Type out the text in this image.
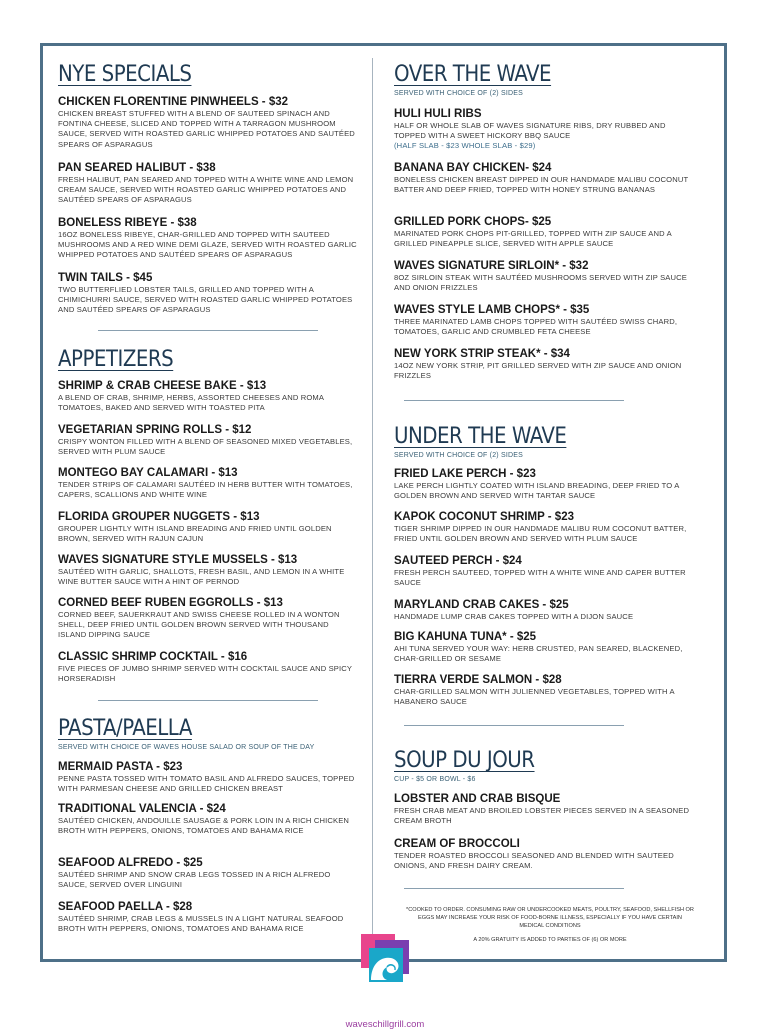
NYE SPECIALS
CHICKEN FLORENTINE PINWHEELS - $32
CHICKEN BREAST STUFFED WITH A BLEND OF SAUTEED SPINACH AND FONTINA CHEESE, SLICED AND TOPPED WITH A TARRAGON MUSHROOM SAUCE, SERVED WITH ROASTED GARLIC WHIPPED POTATOES AND SAUTÉED SPEARS OF ASPARAGUS
PAN SEARED HALIBUT - $38
FRESH HALIBUT, PAN SEARED AND TOPPED WITH A WHITE WINE AND LEMON CREAM SAUCE, SERVED WITH ROASTED GARLIC WHIPPED POTATOES AND SAUTÉED SPEARS OF ASPARAGUS
BONELESS RIBEYE - $38
16OZ BONELESS RIBEYE, CHAR-GRILLED AND TOPPED WITH SAUTEED MUSHROOMS AND A RED WINE DEMI GLAZE, SERVED WITH ROASTED GARLIC WHIPPED POTATOES AND SAUTÉED SPEARS OF ASPARAGUS
TWIN TAILS - $45
TWO BUTTERFLIED LOBSTER TAILS, GRILLED AND TOPPED WITH A CHIMICHURRI SAUCE, SERVED WITH ROASTED GARLIC WHIPPED POTATOES AND SAUTÉED SPEARS OF ASPARAGUS
APPETIZERS
SHRIMP & CRAB CHEESE BAKE - $13
A BLEND OF CRAB, SHRIMP, HERBS, ASSORTED CHEESES AND ROMA TOMATOES, BAKED AND SERVED WITH TOASTED PITA
VEGETARIAN SPRING ROLLS - $12
CRISPY WONTON FILLED WITH A BLEND OF SEASONED MIXED VEGETABLES, SERVED WITH PLUM SAUCE
MONTEGO BAY CALAMARI - $13
TENDER STRIPS OF CALAMARI SAUTÉED IN HERB BUTTER WITH TOMATOES, CAPERS, SCALLIONS AND WHITE WINE
FLORIDA GROUPER NUGGETS - $13
GROUPER LIGHTLY WITH ISLAND BREADING AND FRIED UNTIL GOLDEN BROWN, SERVED WITH RAJUN CAJUN
WAVES SIGNATURE STYLE MUSSELS - $13
SAUTÉED WITH GARLIC, SHALLOTS, FRESH BASIL, AND LEMON IN A WHITE WINE BUTTER SAUCE WITH A HINT OF PERNOD
CORNED BEEF RUBEN EGGROLLS - $13
CORNED BEEF, SAUERKRAUT AND SWISS CHEESE ROLLED IN A WONTON SHELL, DEEP FRIED UNTIL GOLDEN BROWN SERVED WITH THOUSAND ISLAND DIPPING SAUCE
CLASSIC SHRIMP COCKTAIL - $16
FIVE PIECES OF JUMBO SHRIMP SERVED WITH COCKTAIL SAUCE AND SPICY HORSERADISH
PASTA/PAELLA
SERVED WITH CHOICE OF WAVES HOUSE SALAD OR SOUP OF THE DAY
MERMAID PASTA - $23
PENNE PASTA TOSSED WITH TOMATO BASIL AND ALFREDO SAUCES, TOPPED WITH PARMESAN CHEESE AND GRILLED CHICKEN BREAST
TRADITIONAL VALENCIA - $24
SAUTÉED CHICKEN, ANDOUILLE SAUSAGE & PORK LOIN IN A RICH CHICKEN BROTH WITH PEPPERS, ONIONS, TOMATOES AND BAHAMA RICE
SEAFOOD ALFREDO - $25
SAUTÉED SHRIMP AND SNOW CRAB LEGS TOSSED IN A RICH ALFREDO SAUCE, SERVED OVER LINGUINI
SEAFOOD PAELLA - $28
SAUTÉED SHRIMP, CRAB LEGS & MUSSELS IN A LIGHT NATURAL SEAFOOD BROTH WITH PEPPERS, ONIONS, TOMATOES AND BAHAMA RICE
OVER THE WAVE
SERVED WITH CHOICE OF (2) SIDES
HULI HULI RIBS
HALF OR WHOLE SLAB OF WAVES SIGNATURE RIBS, DRY RUBBED AND TOPPED WITH A SWEET HICKORY BBQ SAUCE
(HALF SLAB - $23 WHOLE SLAB - $29)
BANANA BAY CHICKEN- $24
BONELESS CHICKEN BREAST DIPPED IN OUR HANDMADE MALIBU COCONUT BATTER AND DEEP FRIED, TOPPED WITH HONEY STRUNG BANANAS
GRILLED PORK CHOPS- $25
MARINATED PORK CHOPS PIT-GRILLED, TOPPED WITH ZIP SAUCE AND A GRILLED PINEAPPLE SLICE, SERVED WITH APPLE SAUCE
WAVES SIGNATURE SIRLOIN* - $32
8OZ SIRLOIN STEAK WITH SAUTÉED MUSHROOMS SERVED WITH ZIP SAUCE AND ONION FRIZZLES
WAVES STYLE LAMB CHOPS* - $35
THREE MARINATED LAMB CHOPS TOPPED WITH SAUTÉED SWISS CHARD, TOMATOES, GARLIC AND CRUMBLED FETA CHEESE
NEW YORK STRIP STEAK* - $34
14OZ NEW YORK STRIP, PIT GRILLED SERVED WITH ZIP SAUCE AND ONION FRIZZLES
UNDER THE WAVE
SERVED WITH CHOICE OF (2) SIDES
FRIED LAKE PERCH - $23
LAKE PERCH LIGHTLY COATED WITH ISLAND BREADING, DEEP FRIED TO A GOLDEN BROWN AND SERVED WITH TARTAR SAUCE
KAPOK COCONUT SHRIMP - $23
TIGER SHRIMP DIPPED IN OUR HANDMADE MALIBU RUM COCONUT BATTER, FRIED UNTIL GOLDEN BROWN AND SERVED WITH PLUM SAUCE
SAUTEED PERCH - $24
FRESH PERCH SAUTEED, TOPPED WITH A WHITE WINE AND CAPER BUTTER SAUCE
MARYLAND CRAB CAKES - $25
HANDMADE LUMP CRAB CAKES TOPPED WITH A DIJON SAUCE
BIG KAHUNA TUNA* - $25
AHI TUNA SERVED YOUR WAY: HERB CRUSTED, PAN SEARED, BLACKENED, CHAR-GRILLED OR SESAME
TIERRA VERDE SALMON - $28
CHAR-GRILLED SALMON WITH JULIENNED VEGETABLES, TOPPED WITH A HABANERO SAUCE
SOUP DU JOUR
CUP - $5 OR BOWL - $6
LOBSTER AND CRAB BISQUE
FRESH CRAB MEAT AND BROILED LOBSTER PIECES SERVED IN A SEASONED CREAM BROTH
CREAM OF BROCCOLI
TENDER ROASTED BROCCOLI SEASONED AND BLENDED WITH SAUTEED ONIONS, AND FRESH DAIRY CREAM.
*COOKED TO ORDER. CONSUMING RAW OR UNDERCOOKED MEATS, POULTRY, SEAFOOD, SHELLFISH OR EGGS MAY INCREASE YOUR RISK OF FOOD-BORNE ILLNESS, ESPECIALLY IF YOU HAVE CERTAIN MEDICAL CONDITIONS
A 20% GRATUITY IS ADDED TO PARTIES OF (6) OR MORE
waveschillgrill.com
